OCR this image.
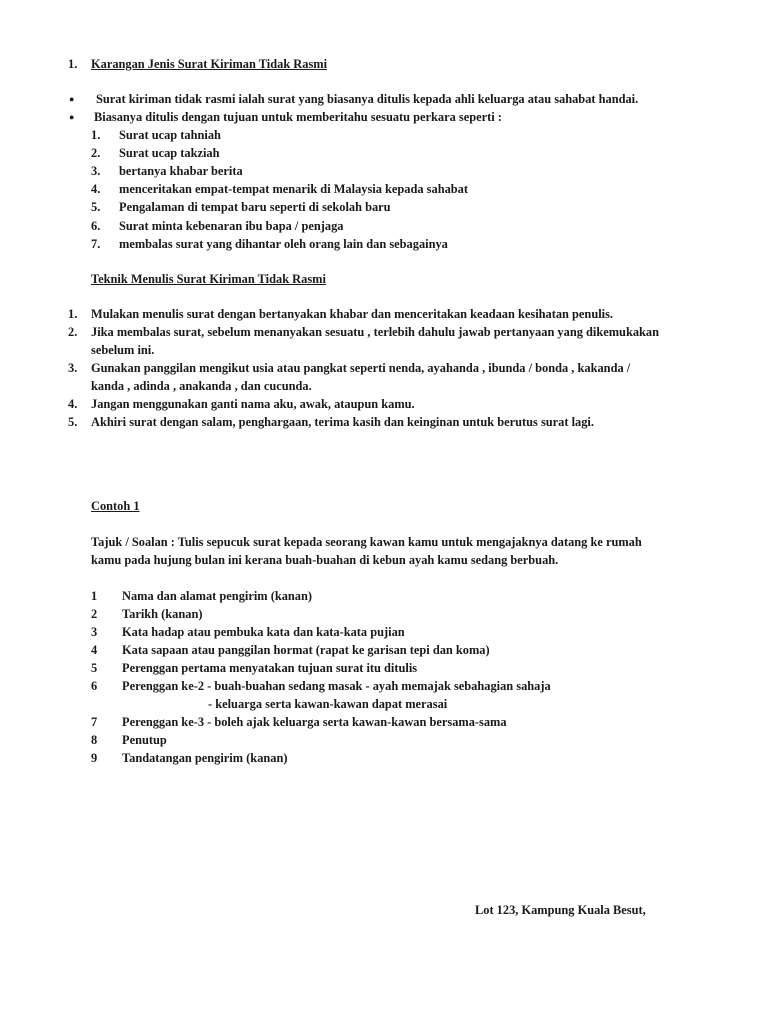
1. Karangan Jenis Surat Kiriman Tidak Rasmi
● Surat kiriman tidak rasmi ialah surat yang biasanya ditulis kepada ahli keluarga atau sahabat handai.
● Biasanya ditulis dengan tujuan untuk memberitahu sesuatu perkara seperti :
1. Surat ucap tahniah
2. Surat ucap takziah
3. bertanya khabar berita
4. menceritakan empat-tempat menarik di Malaysia kepada sahabat
5. Pengalaman di tempat baru seperti di sekolah baru
6. Surat minta kebenaran ibu bapa / penjaga
7. membalas surat yang dihantar oleh orang lain dan sebagainya
Teknik Menulis Surat Kiriman Tidak Rasmi
1. Mulakan menulis surat dengan bertanyakan khabar dan menceritakan keadaan kesihatan penulis.
2. Jika membalas surat, sebelum menanyakan sesuatu , terlebih dahulu jawab pertanyaan yang dikemukakan
sebelum ini.
3. Gunakan panggilan mengikut usia atau pangkat seperti nenda, ayahanda , ibunda / bonda , kakanda /
kanda , adinda , anakanda , dan cucunda.
4. Jangan menggunakan ganti nama aku, awak, ataupun kamu.
5. Akhiri surat dengan salam, penghargaan, terima kasih dan keinginan untuk berutus surat lagi.
Contoh 1
Tajuk / Soalan : Tulis sepucuk surat kepada seorang kawan kamu untuk mengajaknya datang ke rumah
kamu pada hujung bulan ini kerana buah-buahan di kebun ayah kamu sedang berbuah.
1 Nama dan alamat pengirim (kanan)
2 Tarikh (kanan)
3 Kata hadap atau pembuka kata dan kata-kata pujian
4 Kata sapaan atau panggilan hormat (rapat ke garisan tepi dan koma)
5 Perenggan pertama menyatakan tujuan surat itu ditulis
6 Perenggan ke-2 - buah-buahan sedang masak - ayah memajak sebahagian sahaja
- keluarga serta kawan-kawan dapat merasai
7 Perenggan ke-3 - boleh ajak keluarga serta kawan-kawan bersama-sama
8 Penutup
9 Tandatangan pengirim (kanan)
Lot 123, Kampung Kuala Besut,
